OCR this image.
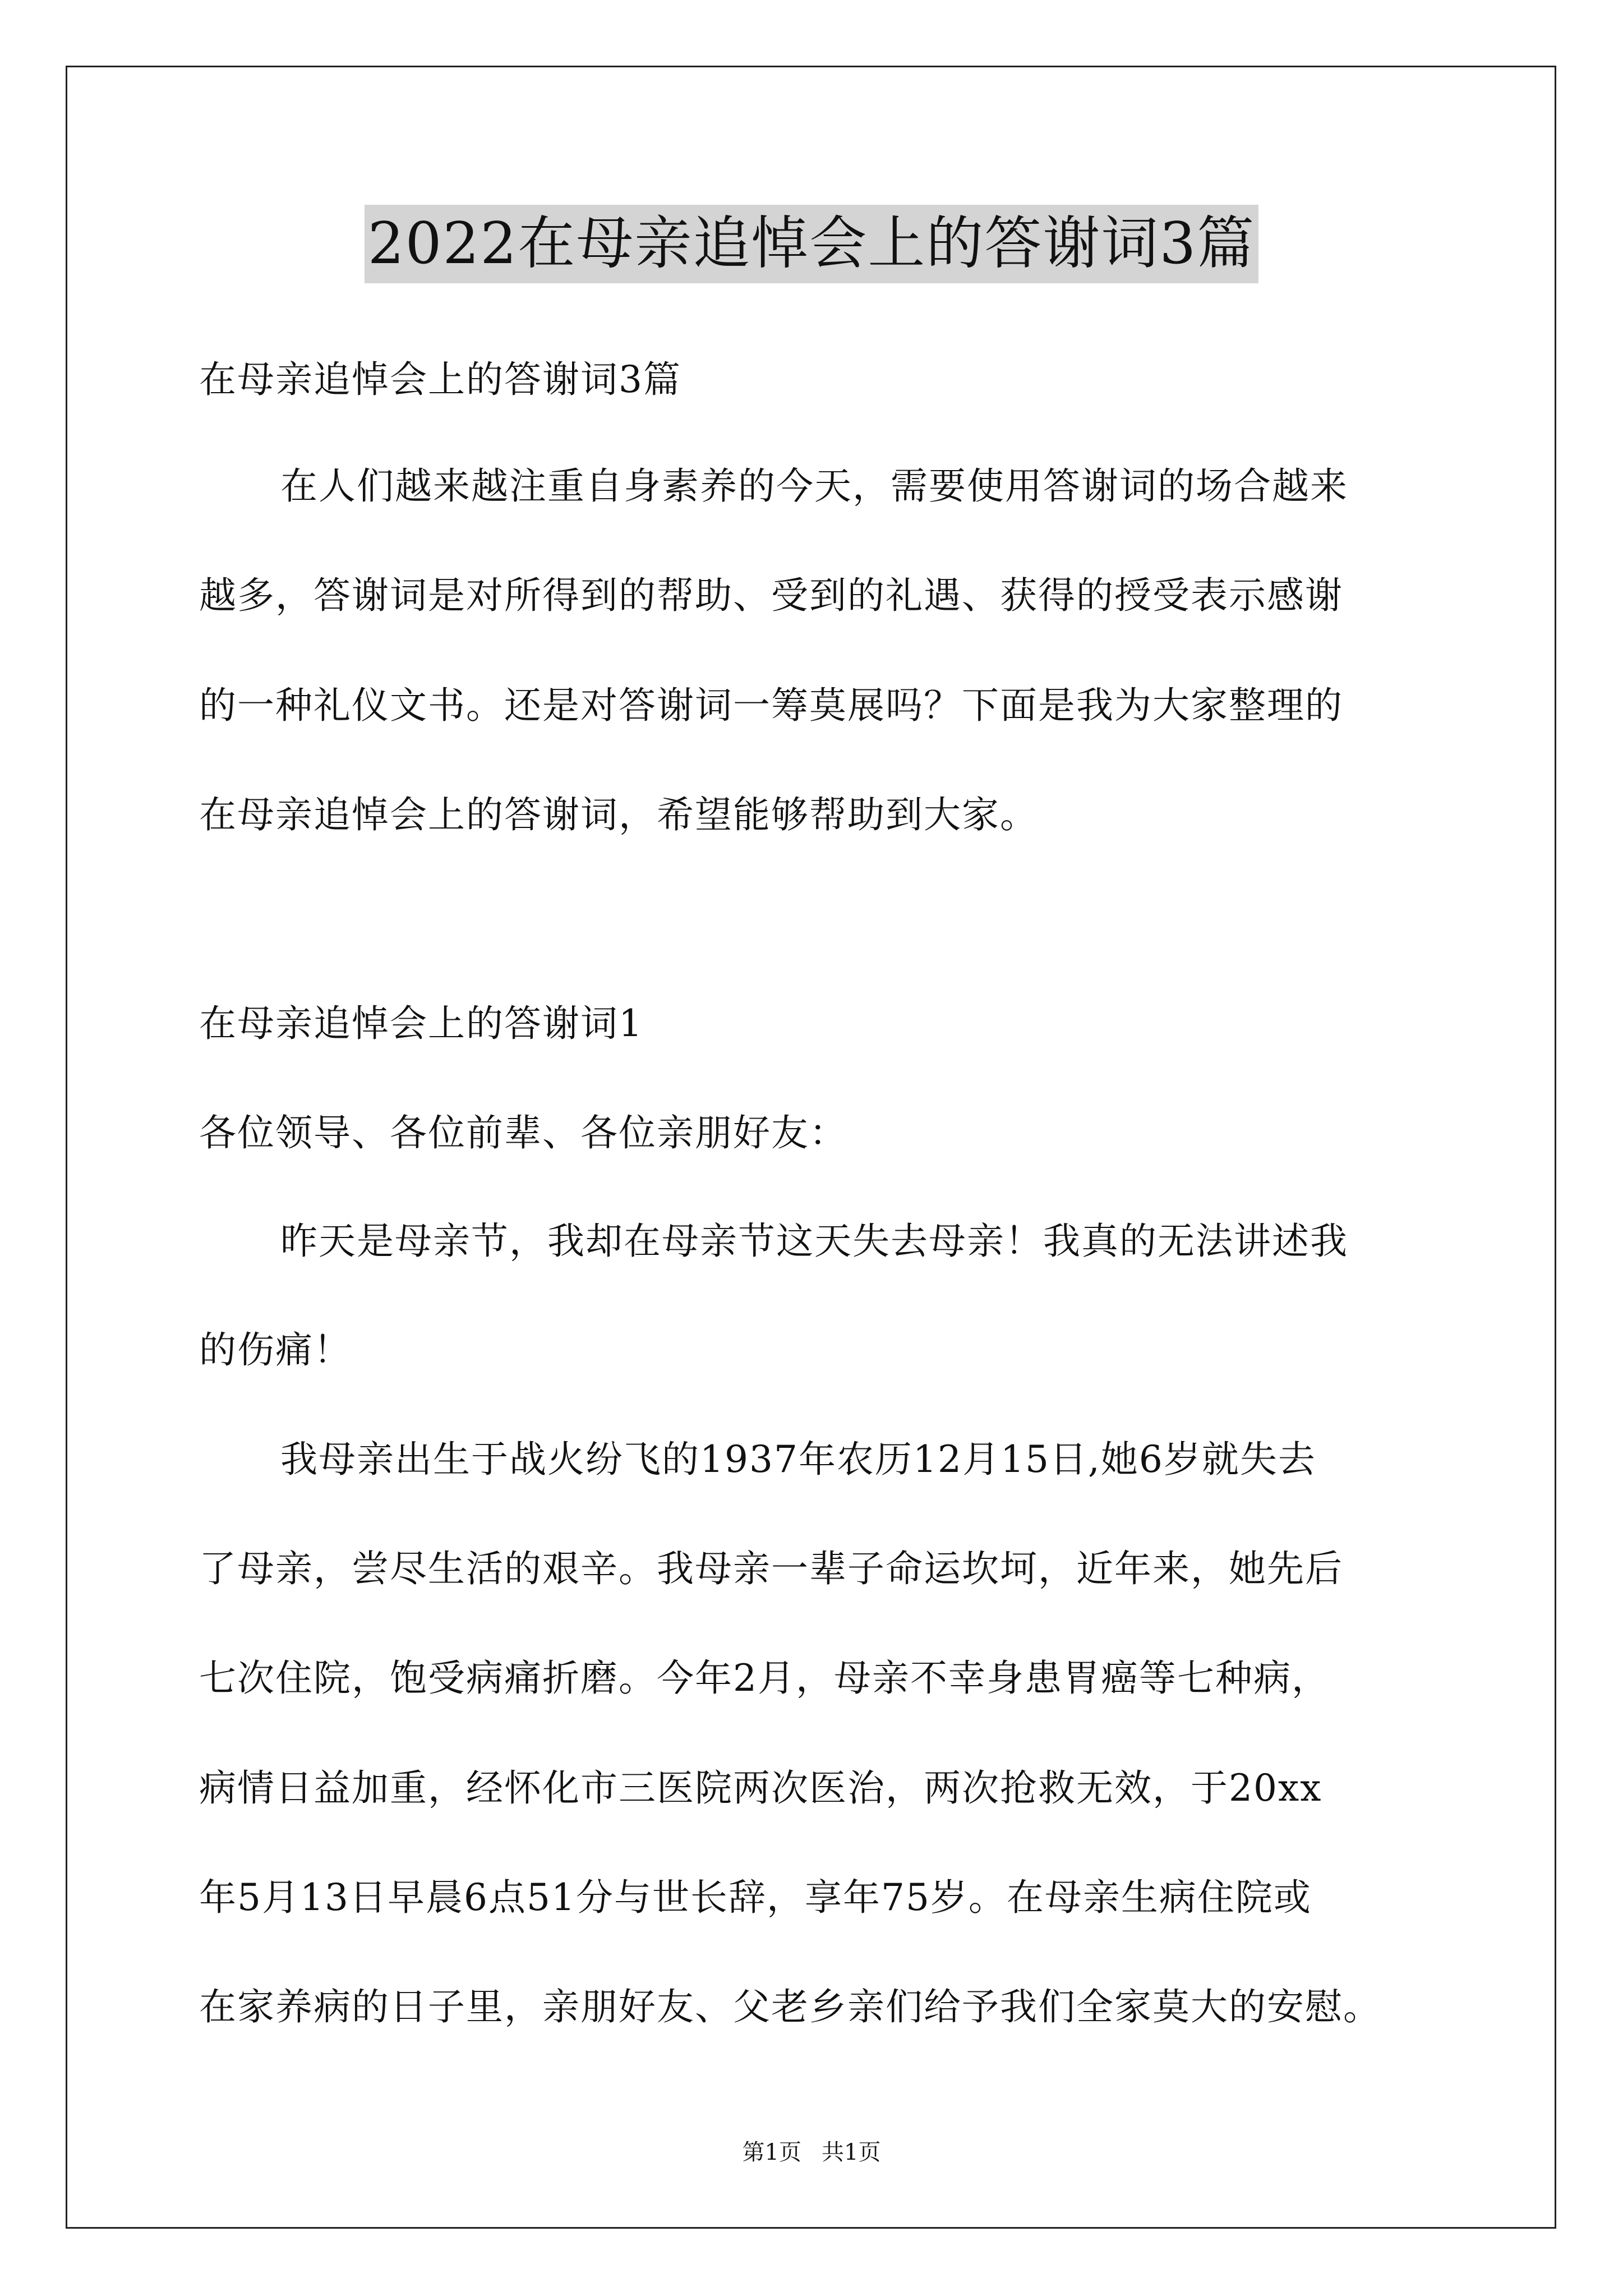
2022在母亲追悼会上的答谢词3篇
在母亲追悼会上的答谢词3篇
在人们越来越注重自身素养的今天，需要使用答谢词的场合越来
越多，答谢词是对所得到的帮助、受到的礼遇、获得的授受表示感谢
的一种礼仪文书。还是对答谢词一筹莫展吗？下面是我为大家整理的
在母亲追悼会上的答谢词，希望能够帮助到大家。
在母亲追悼会上的答谢词1
各位领导、各位前辈、各位亲朋好友：
昨天是母亲节，我却在母亲节这天失去母亲！我真的无法讲述我
的伤痛！
我母亲出生于战火纷飞的1937年农历12月15日,她6岁就失去
了母亲，尝尽生活的艰辛。我母亲一辈子命运坎坷，近年来，她先后
七次住院，饱受病痛折磨。今年2月，母亲不幸身患胃癌等七种病，
病情日益加重，经怀化市三医院两次医治，两次抢救无效，于20xx
年5月13日早晨6点51分与世长辞，享年75岁。在母亲生病住院或
在家养病的日子里，亲朋好友、父老乡亲们给予我们全家莫大的安慰。
第1页 共1页
